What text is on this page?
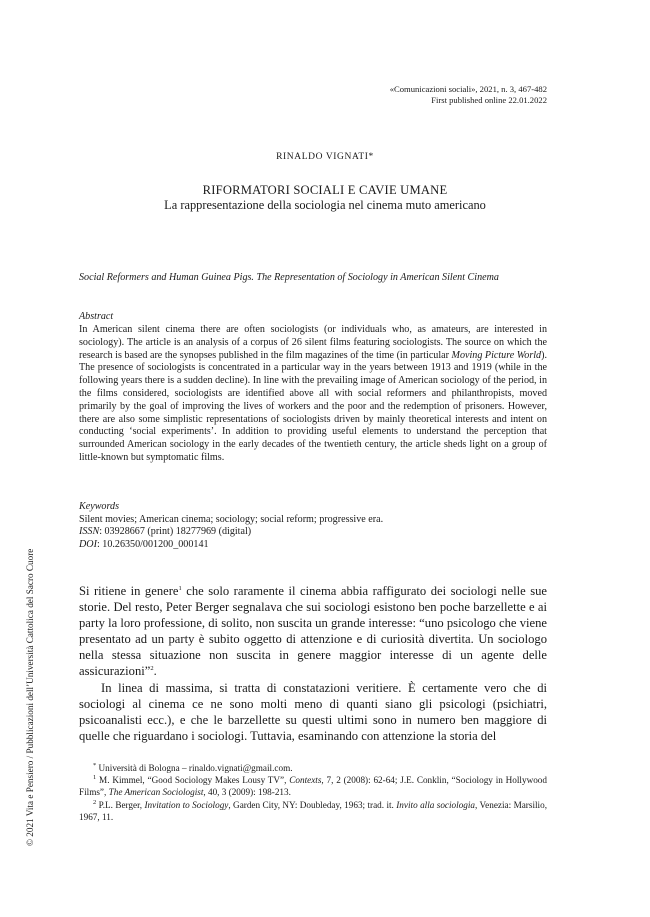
«Comunicazioni sociali», 2021, n. 3, 467-482
First published online 22.01.2022
RINALDO VIGNATI*
RIFORMATORI SOCIALI E CAVIE UMANE
La rappresentazione della sociologia nel cinema muto americano
Social Reformers and Human Guinea Pigs. The Representation of Sociology in American Silent Cinema
Abstract
In American silent cinema there are often sociologists (or individuals who, as amateurs, are interested in sociology). The article is an analysis of a corpus of 26 silent films featuring sociologists. The source on which the research is based are the synopses published in the film magazines of the time (in particular Moving Picture World). The presence of sociologists is concentrated in a particular way in the years between 1913 and 1919 (while in the following years there is a sudden decline). In line with the prevailing image of American sociology of the period, in the films considered, sociologists are identified above all with social reformers and philanthropists, moved primarily by the goal of improving the lives of workers and the poor and the redemption of prisoners. However, there are also some simplistic representations of sociologists driven by mainly theoretical interests and intent on conducting ‘social experiments’. In addition to providing useful elements to understand the perception that surrounded American sociology in the early decades of the twentieth century, the article sheds light on a group of little-known but symptomatic films.
Keywords
Silent movies; American cinema; sociology; social reform; progressive era.
ISSN: 03928667 (print) 18277969 (digital)
DOI: 10.26350/001200_000141

Si ritiene in genere$^1$ che solo raramente il cinema abbia raffigurato dei sociologi nelle sue storie. Del resto, Peter Berger segnalava che sui sociologi esistono ben poche barzellette e ai party la loro professione, di solito, non suscita un grande interesse: “uno psicologo che viene presentato ad un party è subito oggetto di attenzione e di curiosità divertita. Un sociologo nella stessa situazione non suscita in genere maggior interesse di un agente delle assicurazioni”$^2$.

In linea di massima, si tratta di constatazioni veritiere. È certamente vero che di sociologi al cinema ce ne sono molti meno di quanti siano gli psicologi (psichiatri, psicoanalisti ecc.), e che le barzellette su questi ultimi sono in numero ben maggiore di quelle che riguardano i sociologi. Tuttavia, esaminando con attenzione la storia del

* Università di Bologna – rinaldo.vignati@gmail.com.

$^1$ M. Kimmel, “Good Sociology Makes Lousy TV”, Contexts, 7, 2 (2008): 62-64; J.E. Conklin, “Sociology in Hollywood Films”, The American Sociologist, 40, 3 (2009): 198-213.

$^2$ P.L. Berger, Invitation to Sociology, Garden City, NY: Doubleday, 1963; trad. it. Invito alla sociologia, Venezia: Marsilio, 1967, 11.

© 2021 Vita e Pensiero / Pubblicazioni dell’Università Cattolica del Sacro Cuore
